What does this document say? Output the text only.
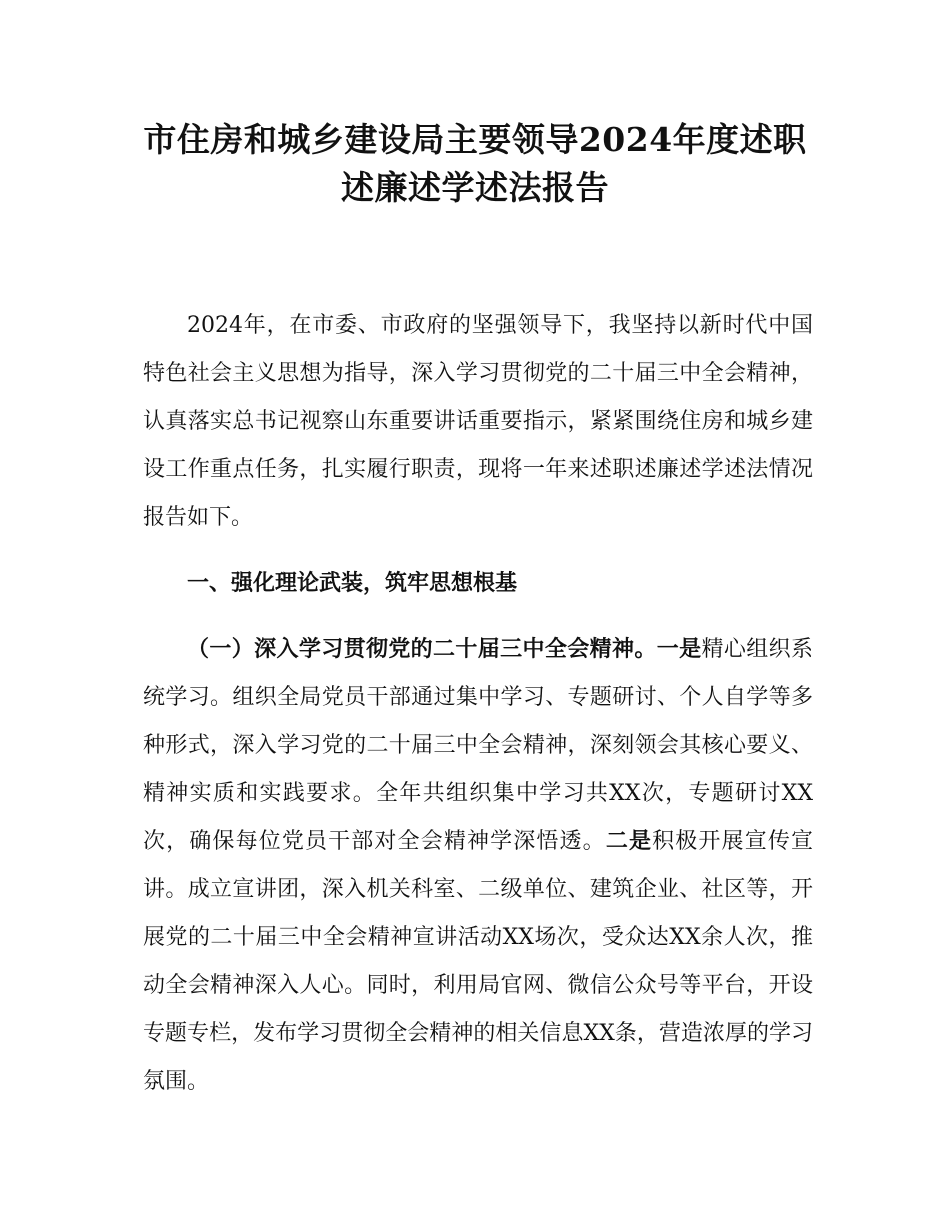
市住房和城乡建设局主要领导2024年度述职
述廉述学述法报告

2024年，在市委、市政府的坚强领导下，我坚持以新时代中国特色社会主义思想为指导，深入学习贯彻党的二十届三中全会精神，认真落实总书记视察山东重要讲话重要指示，紧紧围绕住房和城乡建设工作重点任务，扎实履行职责，现将一年来述职述廉述学述法情况报告如下。

一、强化理论武装，筑牢思想根基

（一）深入学习贯彻党的二十届三中全会精神。一是精心组织系统学习。组织全局党员干部通过集中学习、专题研讨、个人自学等多种形式，深入学习党的二十届三中全会精神，深刻领会其核心要义、精神实质和实践要求。全年共组织集中学习共XX次，专题研讨XX次，确保每位党员干部对全会精神学深悟透。二是积极开展宣传宣讲。成立宣讲团，深入机关科室、二级单位、建筑企业、社区等，开展党的二十届三中全会精神宣讲活动XX场次，受众达XX余人次，推动全会精神深入人心。同时，利用局官网、微信公众号等平台，开设专题专栏，发布学习贯彻全会精神的相关信息XX条，营造浓厚的学习氛围。
